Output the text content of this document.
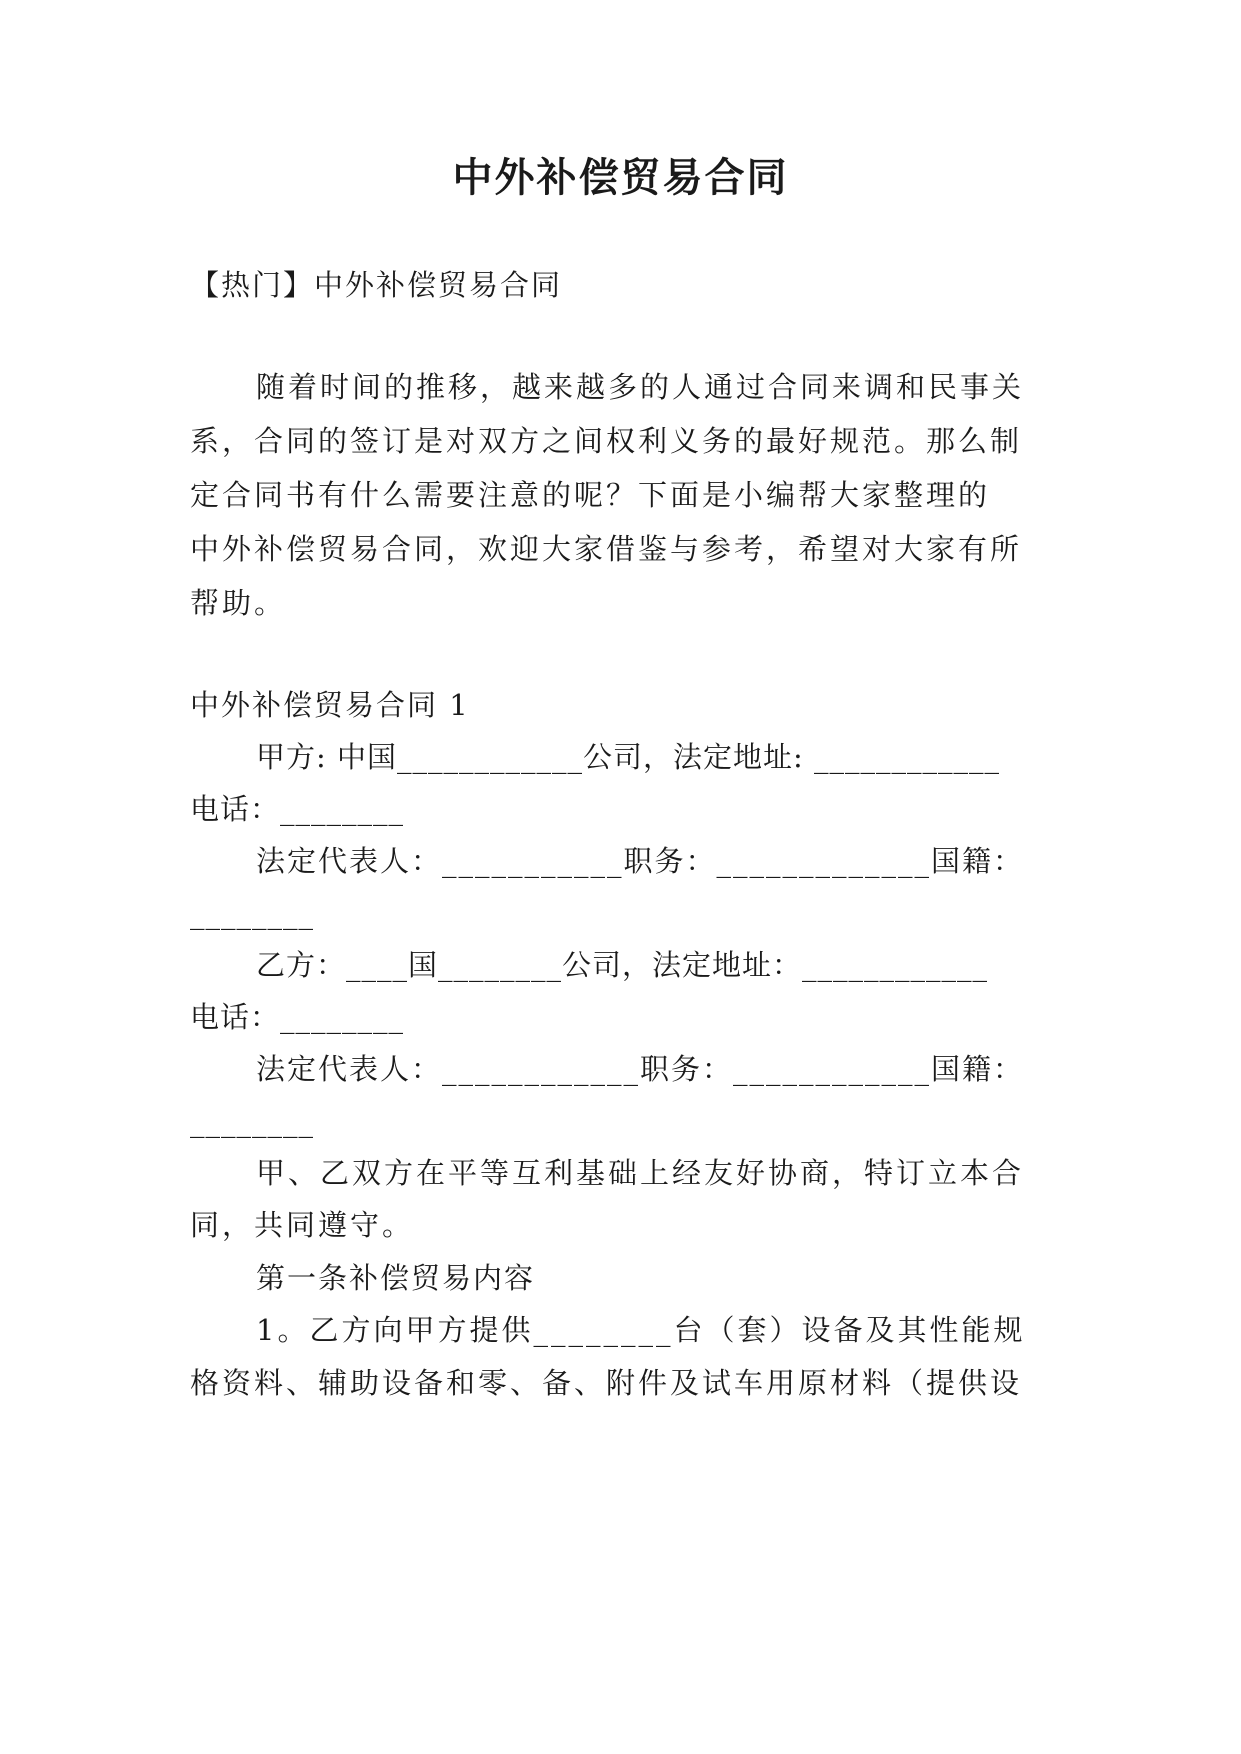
中外补偿贸易合同
【热门】中外补偿贸易合同
随着时间的推移，越来越多的人通过合同来调和民事关
系，合同的签订是对双方之间权利义务的最好规范。那么制
定合同书有什么需要注意的呢？下面是小编帮大家整理的
中外补偿贸易合同，欢迎大家借鉴与参考，希望对大家有所
帮助。
中外补偿贸易合同 1
甲方: 中国____________公司，法定地址: ____________
电话：________
法定代表人：___________职务：_____________国籍：
________
乙方：____国________公司，法定地址：____________
电话：________
法定代表人：____________职务：____________国籍：
________
甲、乙双方在平等互利基础上经友好协商，特订立本合
同，共同遵守。
第一条补偿贸易内容
1。乙方向甲方提供________台（套）设备及其性能规
格资料、辅助设备和零、备、附件及试车用原材料（提供设
